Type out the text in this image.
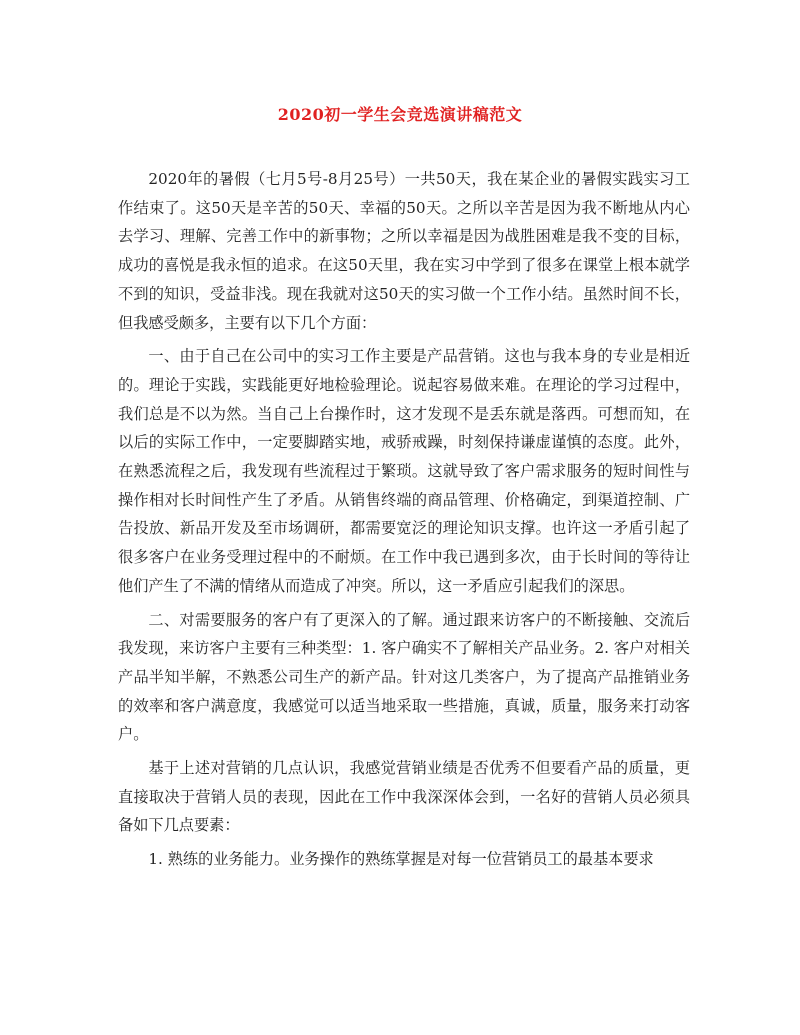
2020初一学生会竞选演讲稿范文

2020年的暑假（七月5号-8月25号）一共50天，我在某企业的暑假实践实习工作结束了。这50天是辛苦的50天、幸福的50天。之所以辛苦是因为我不断地从内心去学习、理解、完善工作中的新事物；之所以幸福是因为战胜困难是我不变的目标，成功的喜悦是我永恒的追求。在这50天里，我在实习中学到了很多在课堂上根本就学不到的知识，受益非浅。现在我就对这50天的实习做一个工作小结。虽然时间不长，但我感受颇多，主要有以下几个方面：

一、由于自己在公司中的实习工作主要是产品营销。这也与我本身的专业是相近的。理论于实践，实践能更好地检验理论。说起容易做来难。在理论的学习过程中，我们总是不以为然。当自己上台操作时，这才发现不是丢东就是落西。可想而知，在以后的实际工作中，一定要脚踏实地，戒骄戒躁，时刻保持谦虚谨慎的态度。此外，在熟悉流程之后，我发现有些流程过于繁琐。这就导致了客户需求服务的短时间性与操作相对长时间性产生了矛盾。从销售终端的商品管理、价格确定，到渠道控制、广告投放、新品开发及至市场调研，都需要宽泛的理论知识支撑。也许这一矛盾引起了很多客户在业务受理过程中的不耐烦。在工作中我已遇到多次，由于长时间的等待让他们产生了不满的情绪从而造成了冲突。所以，这一矛盾应引起我们的深思。

二、对需要服务的客户有了更深入的了解。通过跟来访客户的不断接触、交流后我发现，来访客户主要有三种类型：1. 客户确实不了解相关产品业务。2. 客户对相关产品半知半解，不熟悉公司生产的新产品。针对这几类客户，为了提高产品推销业务的效率和客户满意度，我感觉可以适当地采取一些措施，真诚，质量，服务来打动客户。

基于上述对营销的几点认识，我感觉营销业绩是否优秀不但要看产品的质量，更直接取决于营销人员的表现，因此在工作中我深深体会到，一名好的营销人员必须具备如下几点要素：

1. 熟练的业务能力。业务操作的熟练掌握是对每一位营销员工的最基本要求
